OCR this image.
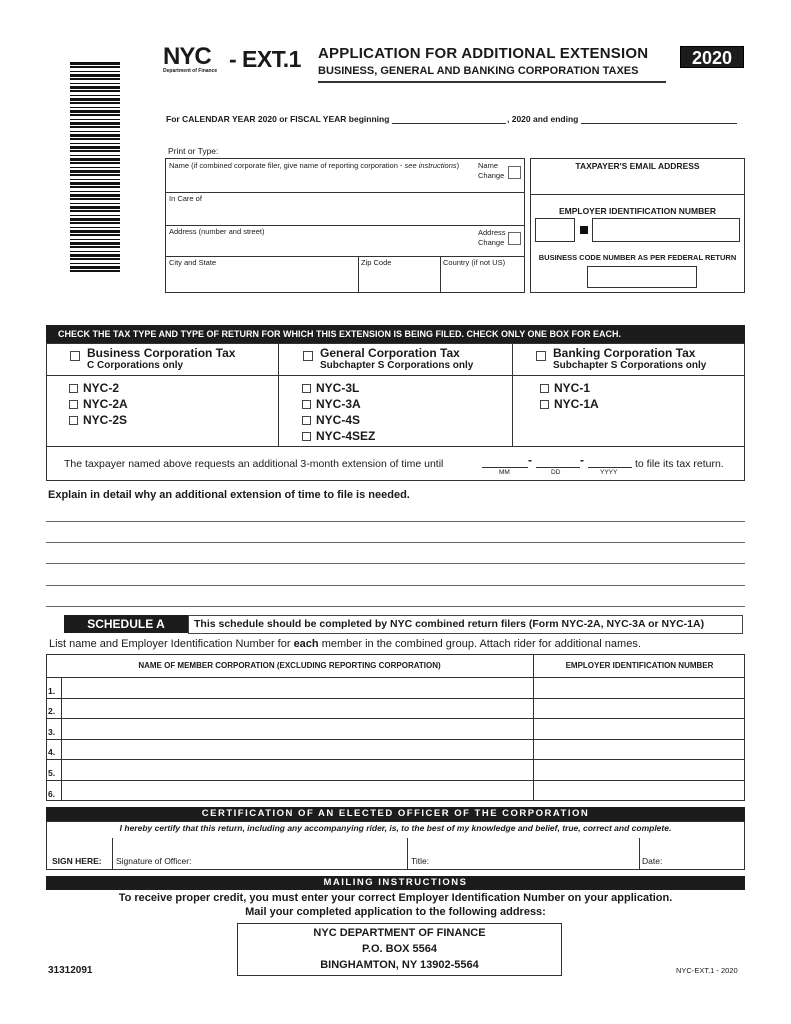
NYC
Department of Finance - EXT.1 APPLICATION FOR ADDITIONAL EXTENSION
BUSINESS, GENERAL AND BANKING CORPORATION TAXES
2020
For CALENDAR YEAR 2020 or FISCAL YEAR beginning	, 2020 and ending
Print or Type:
Name (if combined corporate filer, give name of reporting corporation - see instructions)	Name
Change
In Care of
Address (number and street)	Address
Change
City and State	Zip Code	Country (if not US)
TAXPAYER'S EMAIL ADDRESS
EMPLOYER IDENTIFICATION NUMBER
BUSINESS CODE NUMBER AS PER FEDERAL RETURN
CHECK THE TAX TYPE AND TYPE OF RETURN FOR WHICH THIS EXTENSION IS BEING FILED. CHECK ONLY ONE BOX FOR EACH.
Business Corporation Tax
C Corporations only
NYC-2
NYC-2A
NYC-2S
General Corporation Tax
Subchapter S Corporations only
NYC-3L
NYC-3A
NYC-4S
NYC-4SEZ
Banking Corporation Tax
Subchapter S Corporations only
NYC-1
NYC-1A
The taxpayer named above requests an additional 3-month extension of time until	-	-
MM	DD	YYYY
to file its tax return.
Explain in detail why an additional extension of time to file is needed.
SCHEDULE A	This schedule should be completed by NYC combined return filers (Form NYC-2A, NYC-3A or NYC-1A)
List name and Employer Identification Number for each member in the combined group. Attach rider for additional names.
NAME OF MEMBER CORPORATION (EXCLUDING REPORTING CORPORATION)	EMPLOYER IDENTIFICATION NUMBER
1.
2.
3.
4.
5.
6.
CERTIFICATION OF AN ELECTED OFFICER OF THE CORPORATION
I hereby certify that this return, including any accompanying rider, is, to the best of my knowledge and belief, true, correct and complete.
SIGN HERE: Signature of Officer:	Title:	Date:
MAILING INSTRUCTIONS
To receive proper credit, you must enter your correct Employer Identification Number on your application.
Mail your completed application to the following address:
NYC DEPARTMENT OF FINANCE
P.O. BOX 5564
BINGHAMTON, NY 13902-5564
31312091	NYC-EXT.1 - 2020
